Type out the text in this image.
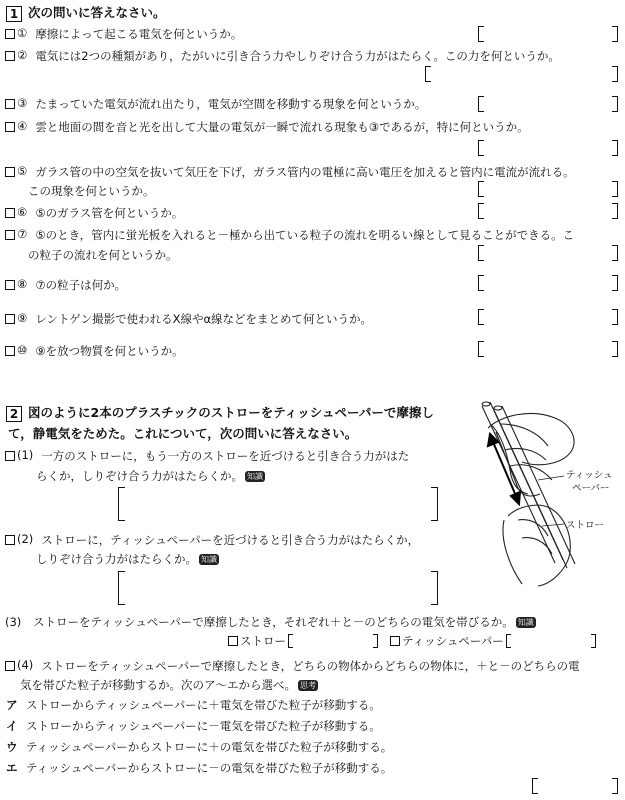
1 次の問いに答えなさい。
① 摩擦によって起こる電気を何というか。
② 電気には2つの種類があり，たがいに引き合う力やしりぞけ合う力がはたらく。この力を何というか。
③ たまっていた電気が流れ出たり，電気が空間を移動する現象を何というか。
④ 雲と地面の間を音と光を出して大量の電気が一瞬で流れる現象も③であるが，特に何というか。
⑤ ガラス管の中の空気を抜いて気圧を下げ，ガラス管内の電極に高い電圧を加えると管内に電流が流れる。
この現象を何というか。
⑥ ⑤のガラス管を何というか。
⑦ ⑤のとき，管内に蛍光板を入れると－極から出ている粒子の流れを明るい線として見ることができる。こ
の粒子の流れを何というか。
⑧ ⑦の粒子は何か。
⑨ レントゲン撮影で使われるX線やα線などをまとめて何というか。
⑩ ⑨を放つ物質を何というか。
2 図のように2本のプラスチックのストローをティッシュペーパーで摩擦し
て，静電気をためた。これについて，次の問いに答えなさい。
(1) 一方のストローに，もう一方のストローを近づけると引き合う力がはた
らくか，しりぞけ合う力がはたらくか。 知識
(2) ストローに，ティッシュペーパーを近づけると引き合う力がはたらくか，
しりぞけ合う力がはたらくか。 知識
ティッシュ
ペーパー
ストロー
(3) ストローをティッシュペーパーで摩擦したとき，それぞれ＋と－のどちらの電気を帯びるか。 知識
ストロー	ティッシュペーパー
(4) ストローをティッシュペーパーで摩擦したとき，どちらの物体からどちらの物体に，＋と－のどちらの電
気を帯びた粒子が移動するか。次のア～エから選べ。 思考
ア ストローからティッシュペーパーに＋電気を帯びた粒子が移動する。
イ ストローからティッシュペーパーに－電気を帯びた粒子が移動する。
ウ ティッシュペーパーからストローに＋の電気を帯びた粒子が移動する。
エ ティッシュペーパーからストローに－の電気を帯びた粒子が移動する。
